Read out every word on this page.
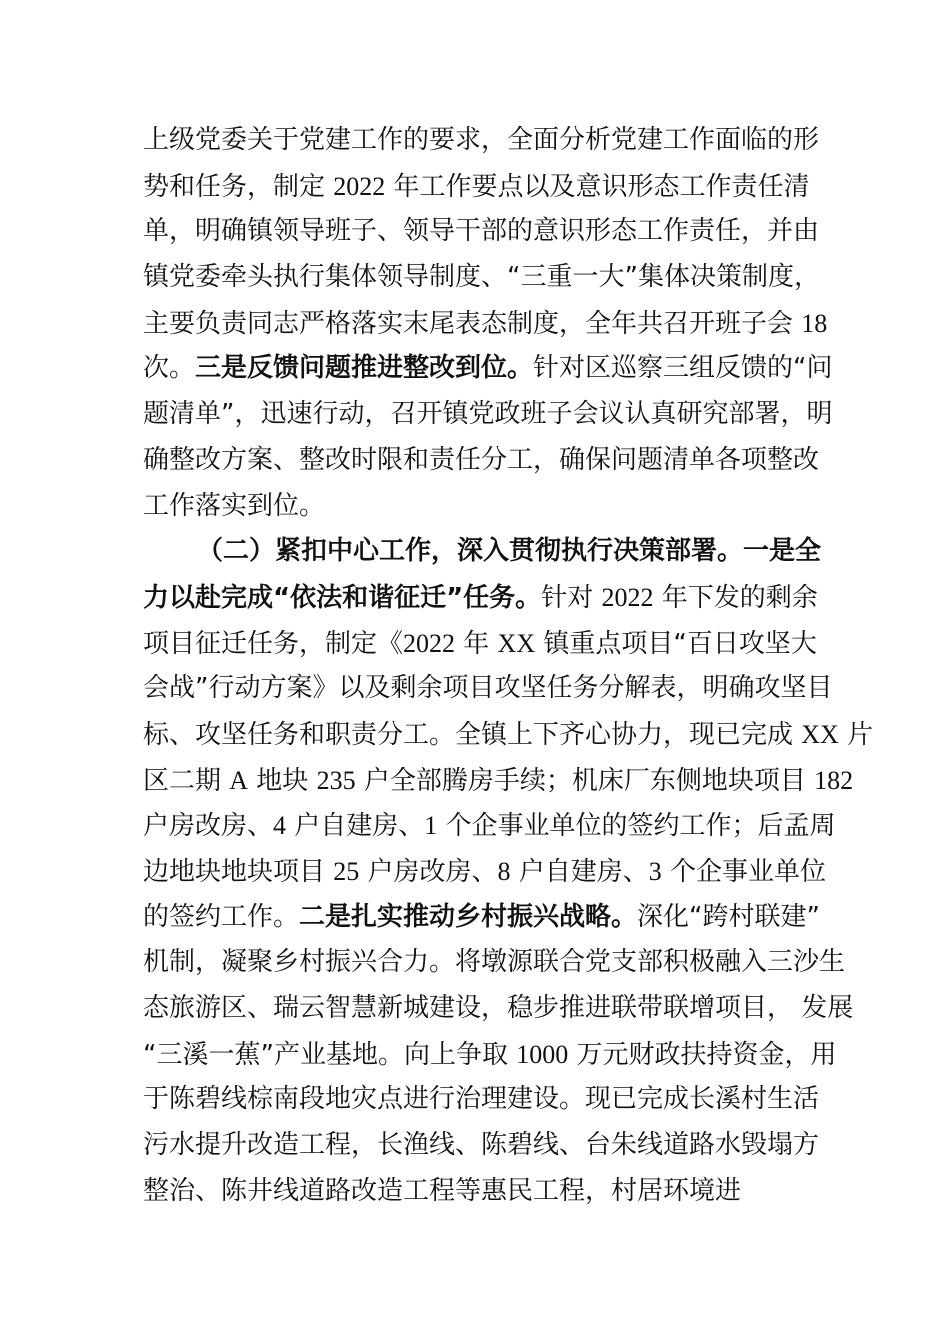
上级党委关于党建工作的要求，全面分析党建工作面临的形
势和任务，制定 2022 年工作要点以及意识形态工作责任清
单，明确镇领导班子、领导干部的意识形态工作责任，并由
镇党委牵头执行集体领导制度、“三重一大”集体决策制度，
主要负责同志严格落实末尾表态制度，全年共召开班子会 18
次。三是反馈问题推进整改到位。针对区巡察三组反馈的“问
题清单”，迅速行动，召开镇党政班子会议认真研究部署，明
确整改方案、整改时限和责任分工，确保问题清单各项整改
工作落实到位。
（二）紧扣中心工作，深入贯彻执行决策部署。一是全
力以赴完成“依法和谐征迁”任务。针对 2022 年下发的剩余
项目征迁任务，制定《2022 年 XX 镇重点项目“百日攻坚大
会战”行动方案》以及剩余项目攻坚任务分解表，明确攻坚目
标、攻坚任务和职责分工。全镇上下齐心协力，现已完成 XX 片
区二期 A 地块 235 户全部腾房手续；机床厂东侧地块项目 182
户房改房、4 户自建房、1 个企事业单位的签约工作；后孟周
边地块地块项目 25 户房改房、8 户自建房、3 个企事业单位
的签约工作。二是扎实推动乡村振兴战略。深化“跨村联建”
机制，凝聚乡村振兴合力。将墩源联合党支部积极融入三沙生
态旅游区、瑞云智慧新城建设，稳步推进联带联增项目， 发展
“三溪一蕉”产业基地。向上争取 1000 万元财政扶持资金，用
于陈碧线棕南段地灾点进行治理建设。现已完成长溪村生活
污水提升改造工程，长渔线、陈碧线、台朱线道路水毁塌方
整治、陈井线道路改造工程等惠民工程，村居环境进
